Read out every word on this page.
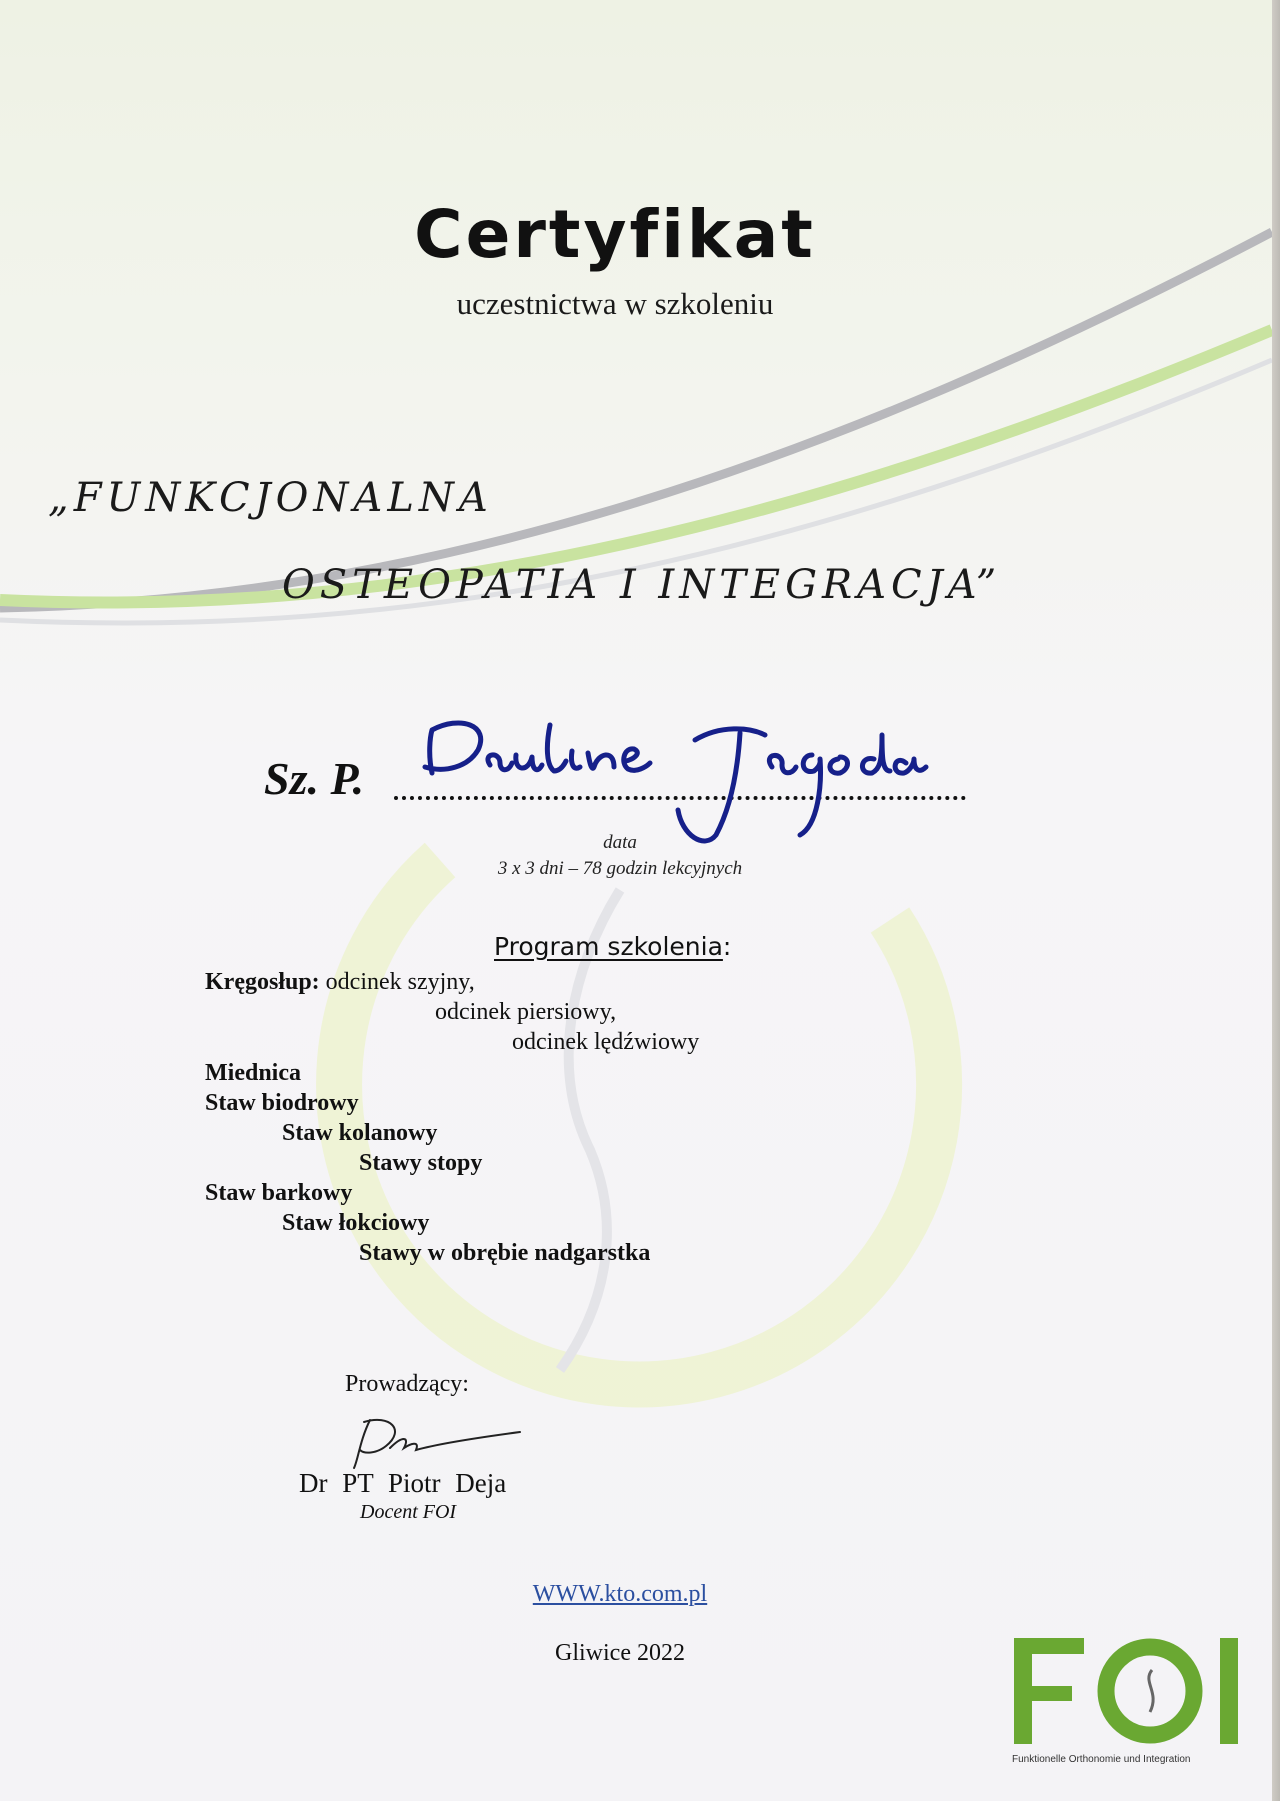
Certyfikat
uczestnictwa w szkoleniu
„FUNKCJONALNA
OSTEOPATIA I INTEGRACJA”
Sz. P.
data
3 x 3 dni – 78 godzin lekcyjnych
Program szkolenia:
Kręgosłup: odcinek szyjny,
odcinek piersiowy,
odcinek lędźwiowy
Miednica
Staw biodrowy
Staw kolanowy
Stawy stopy
Staw barkowy
Staw łokciowy
Stawy w obrębie nadgarstka
Prowadzący:
Dr PT Piotr Deja
Docent FOI
WWW.kto.com.pl
Gliwice 2022
Funktionelle Orthonomie und Integration
